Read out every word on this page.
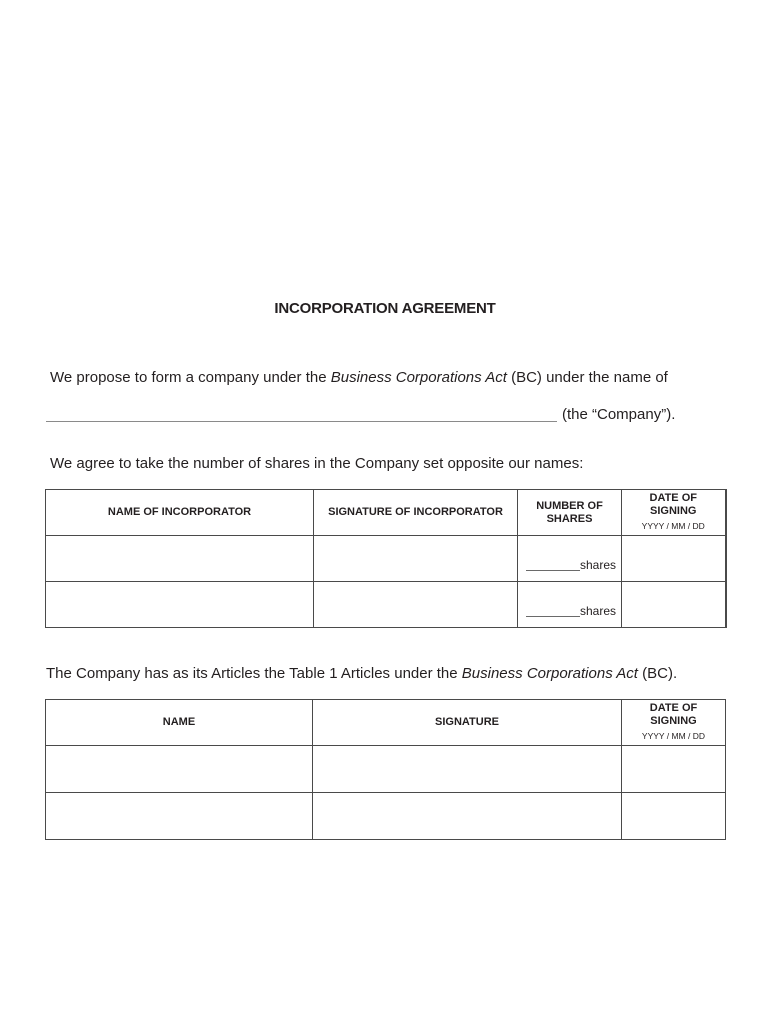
INCORPORATION AGREEMENT
We propose to form a company under the Business Corporations Act (BC) under the name of
(the “Company”).
We agree to take the number of shares in the Company set opposite our names:
NAME OF INCORPORATOR	SIGNATURE OF INCORPORATOR	NUMBER OF SHARES	DATE OF SIGNING
YYYY / MM / DD

		shares	

		shares	

The Company has as its Articles the Table 1 Articles under the Business Corporations Act (BC).
NAME	SIGNATURE	DATE OF SIGNING
YYYY / MM / DD
